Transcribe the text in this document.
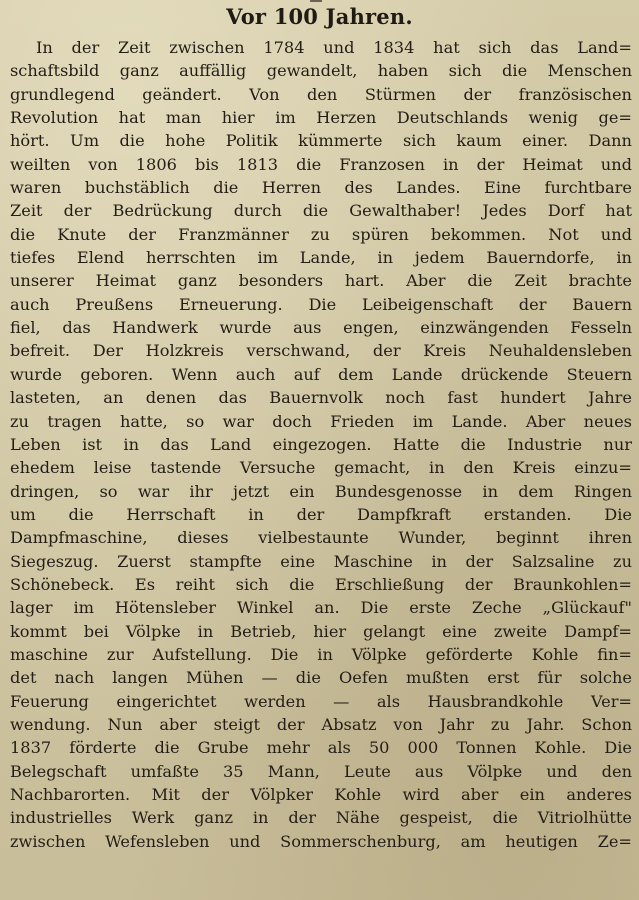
Vor 100 Jahren.
In der Zeit zwischen 1784 und 1834 hat sich das Land=
schaftsbild ganz auffällig gewandelt, haben sich die Menschen
grundlegend geändert. Von den Stürmen der französischen
Revolution hat man hier im Herzen Deutschlands wenig ge=
hört. Um die hohe Politik kümmerte sich kaum einer. Dann
weilten von 1806 bis 1813 die Franzosen in der Heimat und
waren buchstäblich die Herren des Landes. Eine furchtbare
Zeit der Bedrückung durch die Gewalthaber! Jedes Dorf hat
die Knute der Franzmänner zu spüren bekommen. Not und
tiefes Elend herrschten im Lande, in jedem Bauerndorfe, in
unserer Heimat ganz besonders hart. Aber die Zeit brachte
auch Preußens Erneuerung. Die Leibeigenschaft der Bauern
fiel, das Handwerk wurde aus engen, einzwängenden Fesseln
befreit. Der Holzkreis verschwand, der Kreis Neuhaldensleben
wurde geboren. Wenn auch auf dem Lande drückende Steuern
lasteten, an denen das Bauernvolk noch fast hundert Jahre
zu tragen hatte, so war doch Frieden im Lande. Aber neues
Leben ist in das Land eingezogen. Hatte die Industrie nur
ehedem leise tastende Versuche gemacht, in den Kreis einzu=
dringen, so war ihr jetzt ein Bundesgenosse in dem Ringen
um die Herrschaft in der Dampfkraft erstanden. Die
Dampfmaschine, dieses vielbestaunte Wunder, beginnt ihren
Siegeszug. Zuerst stampfte eine Maschine in der Salzsaline zu
Schönebeck. Es reiht sich die Erschließung der Braunkohlen=
lager im Hötensleber Winkel an. Die erste Zeche „Glückauf"
kommt bei Völpke in Betrieb, hier gelangt eine zweite Dampf=
maschine zur Aufstellung. Die in Völpke geförderte Kohle fin=
det nach langen Mühen — die Oefen mußten erst für solche
Feuerung eingerichtet werden — als Hausbrandkohle Ver=
wendung. Nun aber steigt der Absatz von Jahr zu Jahr. Schon
1837 förderte die Grube mehr als 50 000 Tonnen Kohle. Die
Belegschaft umfaßte 35 Mann, Leute aus Völpke und den
Nachbarorten. Mit der Völpker Kohle wird aber ein anderes
industrielles Werk ganz in der Nähe gespeist, die Vitriolhütte
zwischen Wefensleben und Sommerschenburg, am heutigen Ze=
